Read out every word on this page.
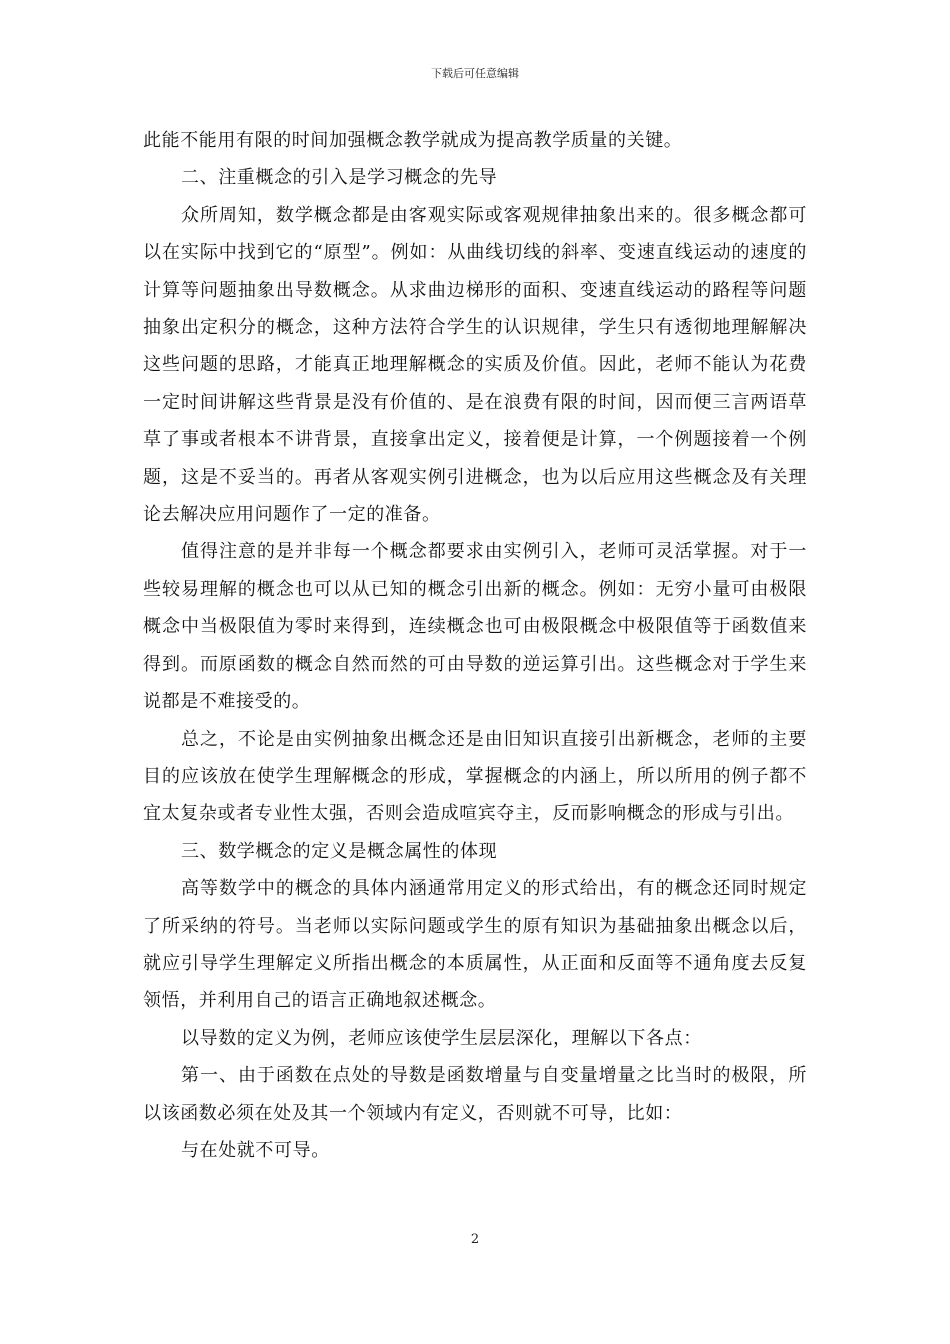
下载后可任意编辑

此能不能用有限的时间加强概念教学就成为提高教学质量的关键。

二、注重概念的引入是学习概念的先导

众所周知，数学概念都是由客观实际或客观规律抽象出来的。很多概念都可以在实际中找到它的“原型”。例如：从曲线切线的斜率、变速直线运动的速度的计算等问题抽象出导数概念。从求曲边梯形的面积、变速直线运动的路程等问题抽象出定积分的概念，这种方法符合学生的认识规律，学生只有透彻地理解解决这些问题的思路，才能真正地理解概念的实质及价值。因此，老师不能认为花费一定时间讲解这些背景是没有价值的、是在浪费有限的时间，因而便三言两语草草了事或者根本不讲背景，直接拿出定义，接着便是计算，一个例题接着一个例题，这是不妥当的。再者从客观实例引进概念，也为以后应用这些概念及有关理论去解决应用问题作了一定的准备。

值得注意的是并非每一个概念都要求由实例引入，老师可灵活掌握。对于一些较易理解的概念也可以从已知的概念引出新的概念。例如：无穷小量可由极限概念中当极限值为零时来得到，连续概念也可由极限概念中极限值等于函数值来得到。而原函数的概念自然而然的可由导数的逆运算引出。这些概念对于学生来说都是不难接受的。

总之，不论是由实例抽象出概念还是由旧知识直接引出新概念，老师的主要目的应该放在使学生理解概念的形成，掌握概念的内涵上，所以所用的例子都不宜太复杂或者专业性太强，否则会造成喧宾夺主，反而影响概念的形成与引出。

三、数学概念的定义是概念属性的体现

高等数学中的概念的具体内涵通常用定义的形式给出，有的概念还同时规定了所采纳的符号。当老师以实际问题或学生的原有知识为基础抽象出概念以后，就应引导学生理解定义所指出概念的本质属性，从正面和反面等不通角度去反复领悟，并利用自己的语言正确地叙述概念。

以导数的定义为例，老师应该使学生层层深化，理解以下各点：

第一、由于函数在点处的导数是函数增量与自变量增量之比当时的极限，所以该函数必须在处及其一个领域内有定义，否则就不可导，比如：

与在处就不可导。

2
